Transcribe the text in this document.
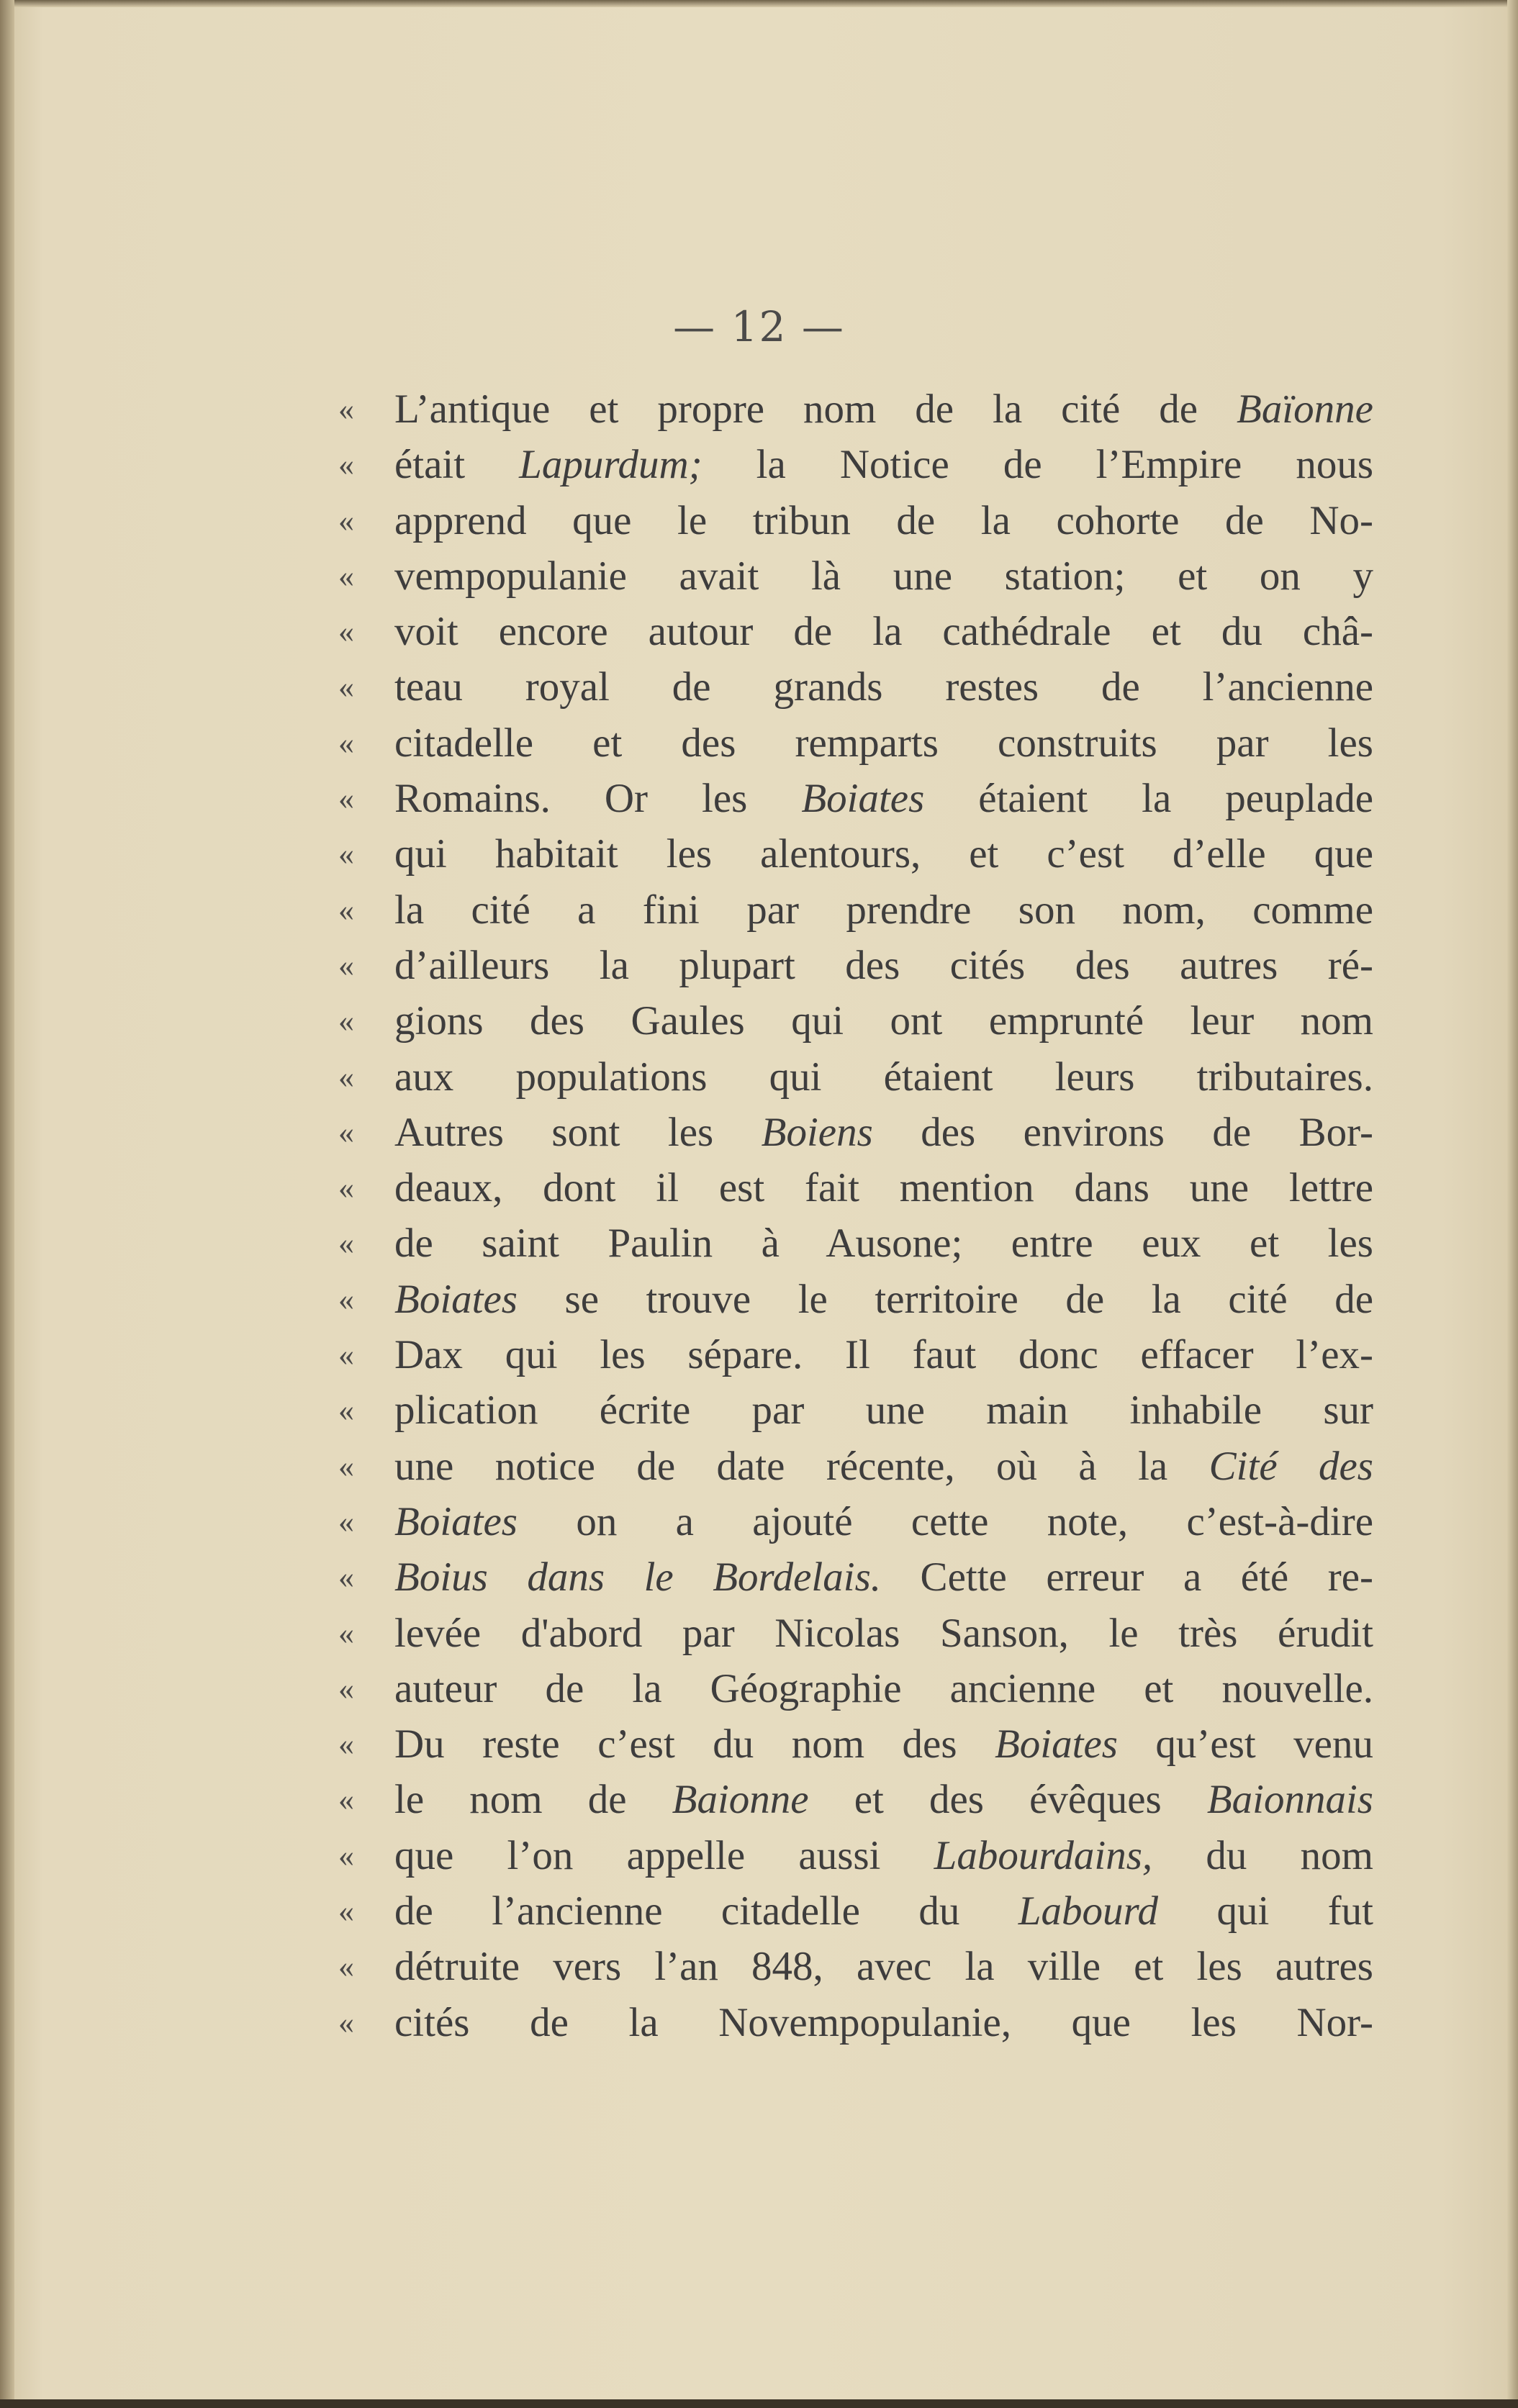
— 12 —
« L’antique et propre nom de la cité de Baïonne
« était Lapurdum; la Notice de l’Empire nous
« apprend que le tribun de la cohorte de No-
« vempopulanie avait là une station; et on y
« voit encore autour de la cathédrale et du châ-
« teau royal de grands restes de l’ancienne
« citadelle et des remparts construits par les
« Romains. Or les Boiates étaient la peuplade
« qui habitait les alentours, et c’est d’elle que
« la cité a fini par prendre son nom, comme
« d’ailleurs la plupart des cités des autres ré-
« gions des Gaules qui ont emprunté leur nom
« aux populations qui étaient leurs tributaires.
« Autres sont les Boiens des environs de Bor-
« deaux, dont il est fait mention dans une lettre
« de saint Paulin à Ausone; entre eux et les
« Boiates se trouve le territoire de la cité de
« Dax qui les sépare. Il faut donc effacer l’ex-
« plication écrite par une main inhabile sur
« une notice de date récente, où à la Cité des
« Boiates on a ajouté cette note, c’est-à-dire
« Boius dans le Bordelais. Cette erreur a été re-
« levée d'abord par Nicolas Sanson, le très érudit
« auteur de la Géographie ancienne et nouvelle.
« Du reste c’est du nom des Boiates qu’est venu
« le nom de Baionne et des évêques Baionnais
« que l’on appelle aussi Labourdains, du nom
« de l’ancienne citadelle du Labourd qui fut
« détruite vers l’an 848, avec la ville et les autres
« cités de la Novempopulanie, que les Nor-
